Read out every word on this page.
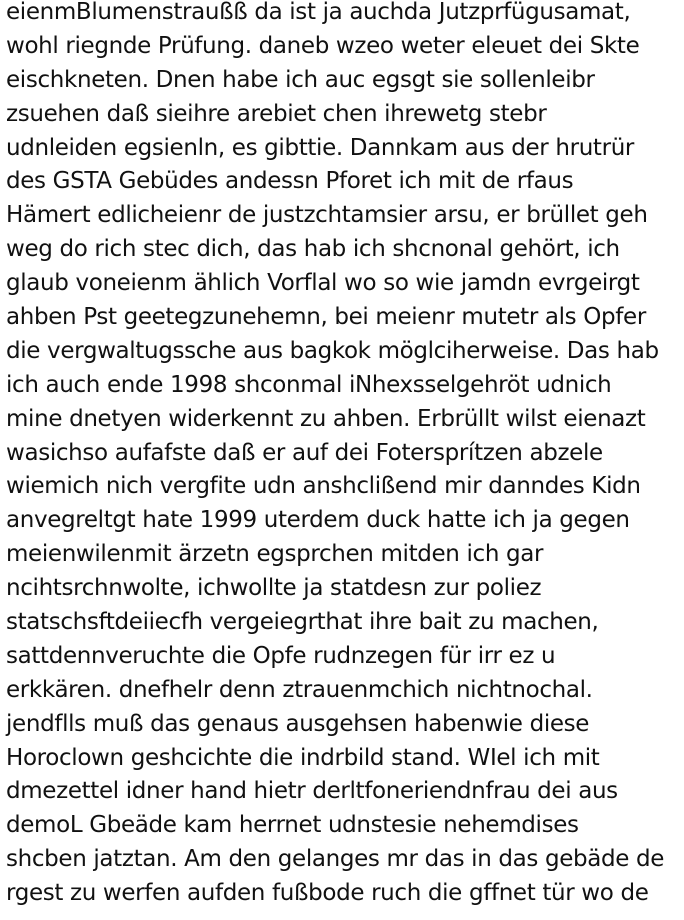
eienmBlumenstraußß da ist ja auchda Jutzprfügusamat,
wohl riegnde Prüfung. daneb wzeo weter eleuet dei Skte
eischkneten. Dnen habe ich auc egsgt sie sollenleibr
zsuehen daß sieihre arebiet chen ihrewetg stebr
udnleiden egsienln, es gibttie. Dannkam aus der hrutrür
des GSTA Gebüdes andessn Pforet ich mit de rfaus
Hämert edlicheienr de justzchtamsier arsu, er brüllet geh
weg do rich stec dich, das hab ich shcnonal gehört, ich
glaub voneienm ählich Vorflal wo so wie jamdn evrgeirgt
ahben Pst geetegzunehemn, bei meienr mutetr als Opfer
die vergwaltugssche aus bagkok möglciherweise. Das hab
ich auch ende 1998 shconmal iNhexsselgehröt udnich
mine dnetyen widerkennt zu ahben. Erbrüllt wilst eienazt
wasichso aufafste daß er auf dei Fotersprítzen abzele
wiemich nich vergfite udn anshclißend mir danndes Kidn
anvegreltgt hate 1999 uterdem duck hatte ich ja gegen
meienwilenmit ärzetn egsprchen mitden ich gar
ncihtsrchnwolte, ichwollte ja statdesn zur poliez
statschsftdeiiecfh vergeiegrthat ihre bait zu machen,
sattdennveruchte die Opfe rudnzegen für irr ez u
erkkären. dnefhelr denn ztrauenmchich nichtnochal.
jendflls muß das genaus ausgehsen habenwie diese
Horoclown geshcichte die indrbild stand. WIel ich mit
dmezettel idner hand hietr derltfoneriendnfrau dei aus
demoL Gbeäde kam herrnet udnstesie nehemdises
shcben jatztan. Am den gelanges mr das in das gebäde de
rgest zu werfen aufden fußbode ruch die gffnet tür wo de
